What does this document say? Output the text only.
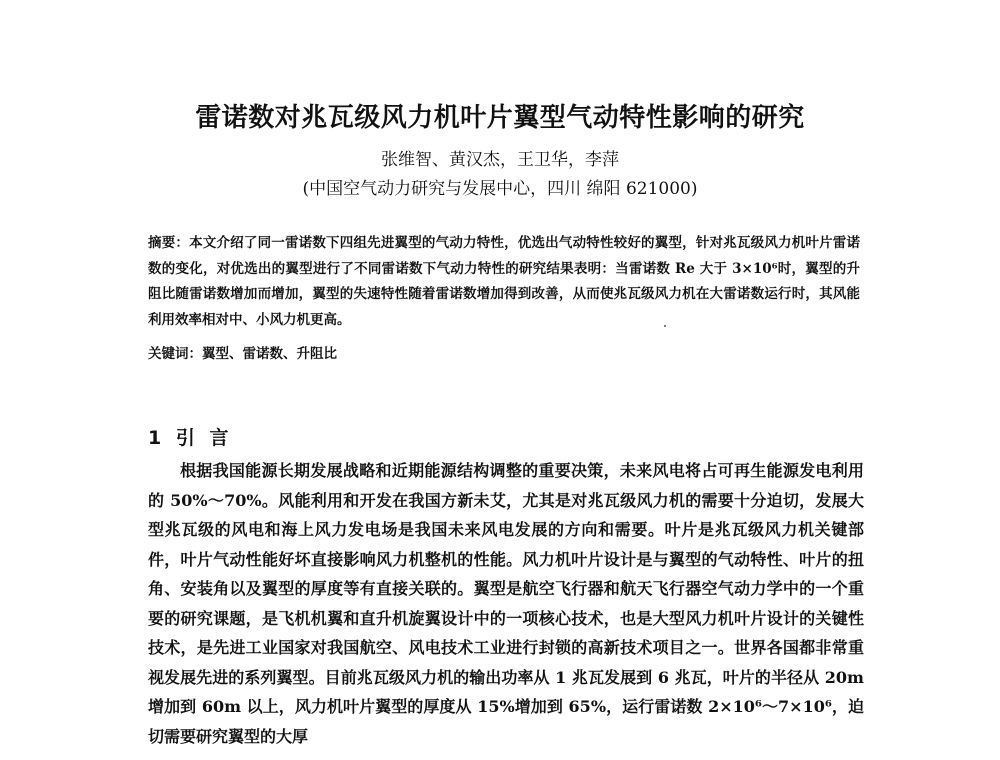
雷诺数对兆瓦级风力机叶片翼型气动特性影响的研究

张维智、黄汉杰，王卫华，李萍

(中国空气动力研究与发展中心，四川 绵阳 621000)

摘要：本文介绍了同一雷诺数下四组先进翼型的气动力特性，优选出气动特性较好的翼型，针对兆瓦级风力机叶片雷诺数的变化，对优选出的翼型进行了不同雷诺数下气动力特性的研究结果表明：当雷诺数 Re 大于 3×10⁶时，翼型的升阻比随雷诺数增加而增加，翼型的失速特性随着雷诺数增加得到改善，从而使兆瓦级风力机在大雷诺数运行时，其风能利用效率相对中、小风力机更高。

关键词：翼型、雷诺数、升阻比

1 引 言

根据我国能源长期发展战略和近期能源结构调整的重要决策，未来风电将占可再生能源发电利用的 50%～70%。风能利用和开发在我国方新未艾，尤其是对兆瓦级风力机的需要十分迫切，发展大型兆瓦级的风电和海上风力发电场是我国未来风电发展的方向和需要。叶片是兆瓦级风力机关键部件，叶片气动性能好坏直接影响风力机整机的性能。风力机叶片设计是与翼型的气动特性、叶片的扭角、安装角以及翼型的厚度等有直接关联的。翼型是航空飞行器和航天飞行器空气动力学中的一个重要的研究课题，是飞机机翼和直升机旋翼设计中的一项核心技术，也是大型风力机叶片设计的关键性技术，是先进工业国家对我国航空、风电技术工业进行封锁的高新技术项目之一。世界各国都非常重视发展先进的系列翼型。目前兆瓦级风力机的输出功率从 1 兆瓦发展到 6 兆瓦，叶片的半径从 20m 增加到 60m 以上，风力机叶片翼型的厚度从 15%增加到 65%，运行雷诺数 2×10⁶～7×10⁶，迫切需要研究翼型的大厚
